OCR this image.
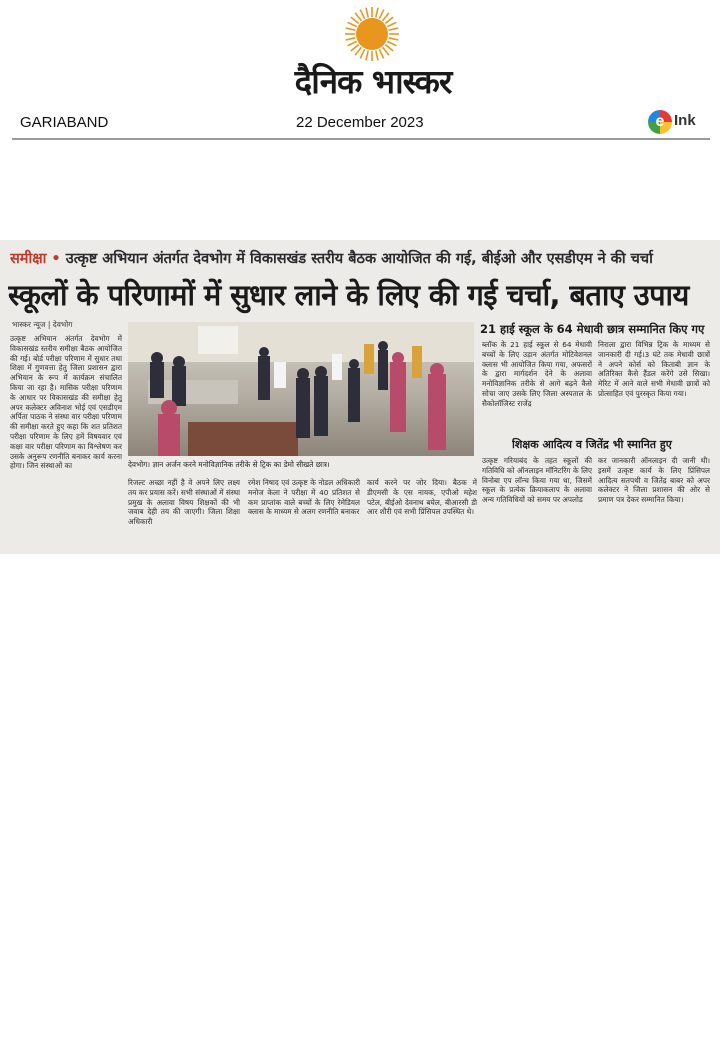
दैनिक भास्कर
GARIABAND	22 December 2023	e Ink
समीक्षा • उत्कृष्ट अभियान अंतर्गत देवभोग में विकासखंड स्तरीय बैठक आयोजित की गई, बीईओ और एसडीएम ने की चर्चा
स्कूलों के परिणामों में सुधार लाने के लिए की गई चर्चा, बताए उपाय
भास्कर न्यूज | देवभोग
उत्कृष्ट अभियान अंतर्गत देवभोग में विकासखंड स्तरीय समीक्षा बैठक आयोजित की गई। बोर्ड परीक्षा परिणाम में सुधार तथा शिक्षा में गुणवत्ता हेतु जिला प्रशासन द्वारा अभियान के रूप में कार्यक्रम संचालित किया जा रहा है। मासिक परीक्षा परिणाम के आधार पर विकासखंड की समीक्षा हेतु अपर कलेक्टर अविनाश भोई एवं एसडीएम अर्पिता पाठक ने संस्था वार परीक्षा परिणाम की समीक्षा करते हुए कहा कि शत प्रतिशत परीक्षा परिणाम के लिए हमें विषयवार एवं कक्षा वार परीक्षा परिणाम का विश्लेषण कर उसके अनुरूप रणनीति बनाकर कार्य करना होगा। जिन संस्थाओं का	देवभोग। ज्ञान अर्जन करने मनोविज्ञानिक तरीके से ट्रिक का डेमो सीखते छात्र।
रिजल्ट अच्छा नहीं है वे अपने लिए लक्ष्य तय कर प्रयास करें। सभी संस्थाओं में संस्था प्रमुख के अलावा विषय शिक्षकों की भी जवाब देही तय की जाएगी। जिला शिक्षा अधिकारी
रमेश निषाद एवं उत्कृष्ट के नोडल अधिकारी मनोज केला ने परीक्षा में 40 प्रतिशत से कम प्राप्तांक वाले बच्चों के लिए रेमेडियल क्लास के माध्यम से अलग रणनीति बनाकर
कार्य करने पर जोर दिया। बैठक में डीएमसी के एस नायक, एपीओ महेश पटेल, बीईओ देवनाथ बघेल, बीआरसी डी आर शौरी एवं सभी प्रिंसिपल उपस्थित थे।
21 हाई स्कूल के 64 मेधावी छात्र सम्मानित किए गए
ब्लॉक के 21 हाई स्कूल से 64 मेधावी बच्चों के लिए उड़ान अंतर्गत मोटिवेशनल क्लास भी आयोजित किया गया, अफसरों के द्वारा मार्गदर्शन देने के अलावा मनोविज्ञानिक तरीके से आगे बढ़ने कैसे सोचा जाए उसके लिए जिला अस्पताल के सैकोलॉजिस्ट राजेंद्र
निराला द्वारा विभिन्न ट्रिक के माध्यम से जानकारी दी गई।3 घंटे तक मेधावी छात्रों ने अपने कोर्स को किताबी ज्ञान के अतिरिक्त कैसे हैंडल करेंगे उसे सिखा। मेरिट में आने वाले सभी मेधावी छात्रों को प्रोत्साहित एवं पुरस्कृत किया गया।
शिक्षक आदित्य व जितेंद्र भी स्मानित हुए
उत्कृष्ट गरियाबंद के तहत स्कूलों की गतिविधि को ऑनलाइन मॉनिटरिंग के लिए विनोबा एप लॉन्च किया गया था, जिसमें स्कूल के प्रत्येक क्रियाकलाप के अलावा अन्य गतिविधियों को समय पर अपलोड
कर जानकारी ऑनलाइन दी जानी थी। इसमें उत्कृष्ट कार्य के लिए प्रिंसिपल आदित्य सतपथी व जितेंद्र बाबर को अपर कलेक्टर ने जिला प्रशासन की ओर से प्रमाण पत्र देकर सम्मानित किया।
